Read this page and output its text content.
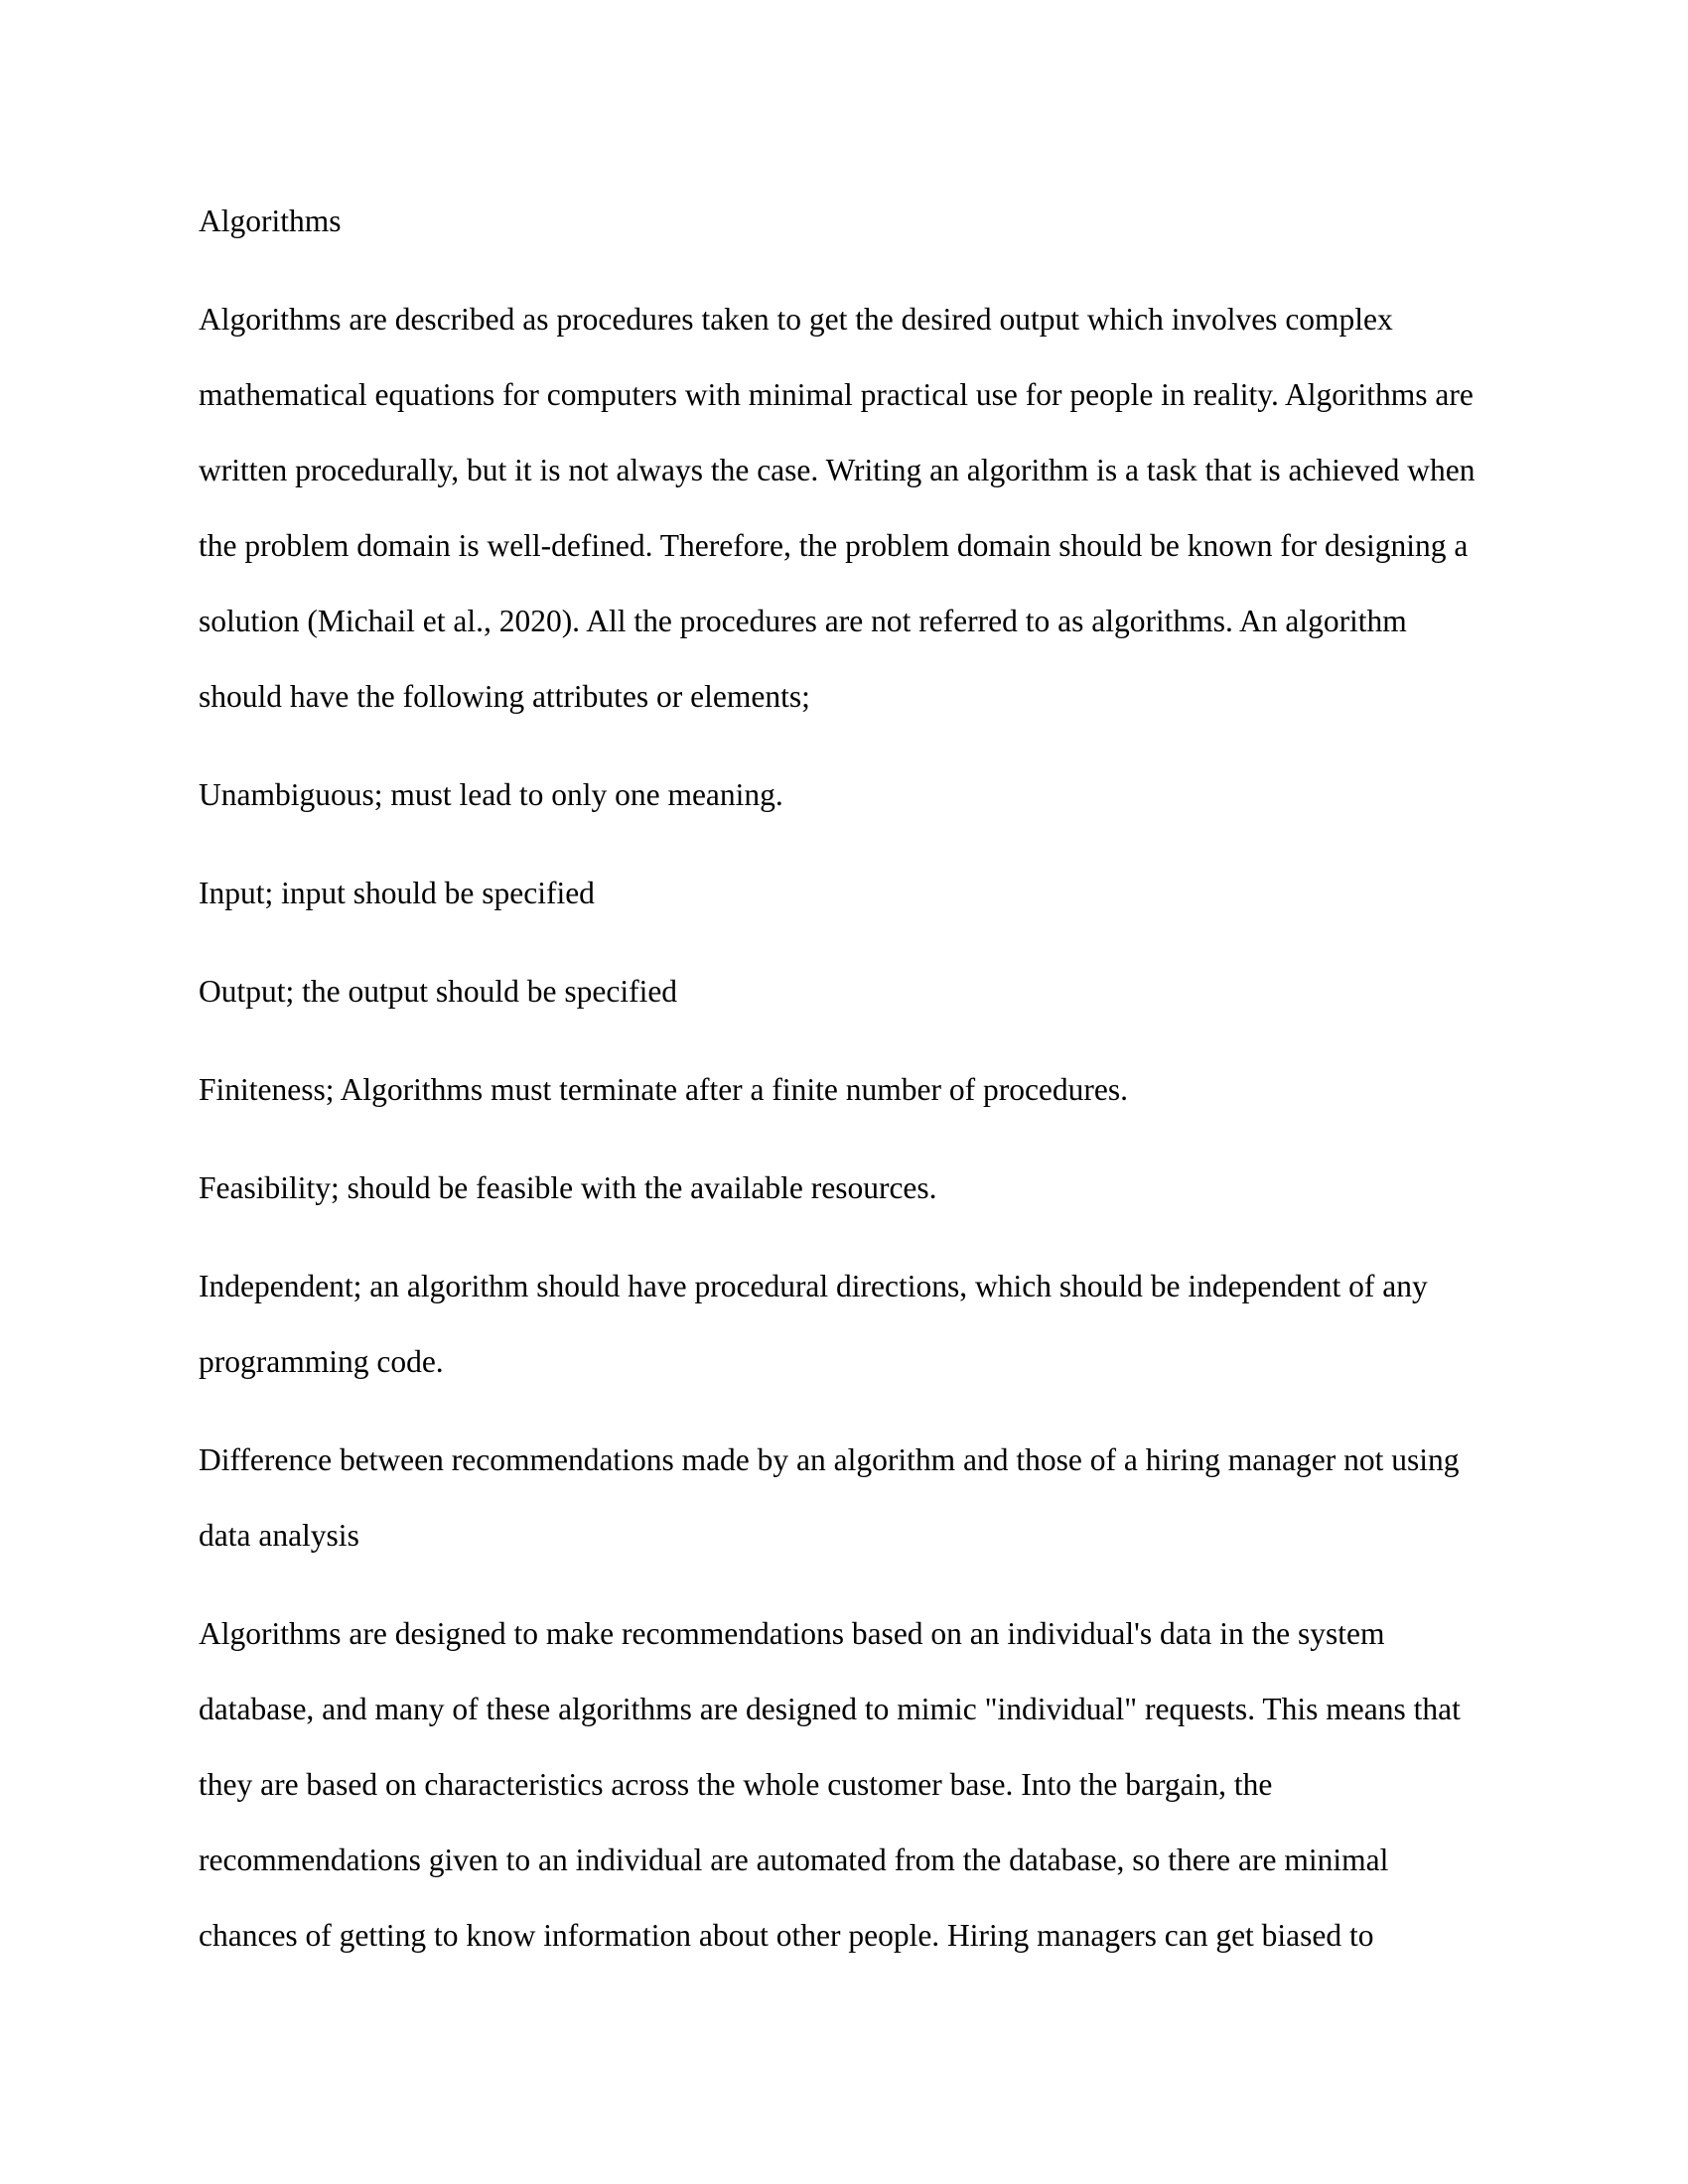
Algorithms

Algorithms are described as procedures taken to get the desired output which involves complex mathematical equations for computers with minimal practical use for people in reality. Algorithms are written procedurally, but it is not always the case. Writing an algorithm is a task that is achieved when the problem domain is well-defined. Therefore, the problem domain should be known for designing a solution (Michail et al., 2020). All the procedures are not referred to as algorithms. An algorithm should have the following attributes or elements;

Unambiguous; must lead to only one meaning.

Input; input should be specified

Output; the output should be specified

Finiteness; Algorithms must terminate after a finite number of procedures.

Feasibility; should be feasible with the available resources.

Independent; an algorithm should have procedural directions, which should be independent of any programming code.

Difference between recommendations made by an algorithm and those of a hiring manager not using data analysis

Algorithms are designed to make recommendations based on an individual's data in the system database, and many of these algorithms are designed to mimic "individual" requests. This means that they are based on characteristics across the whole customer base. Into the bargain, the recommendations given to an individual are automated from the database, so there are minimal chances of getting to know information about other people. Hiring managers can get biased to
